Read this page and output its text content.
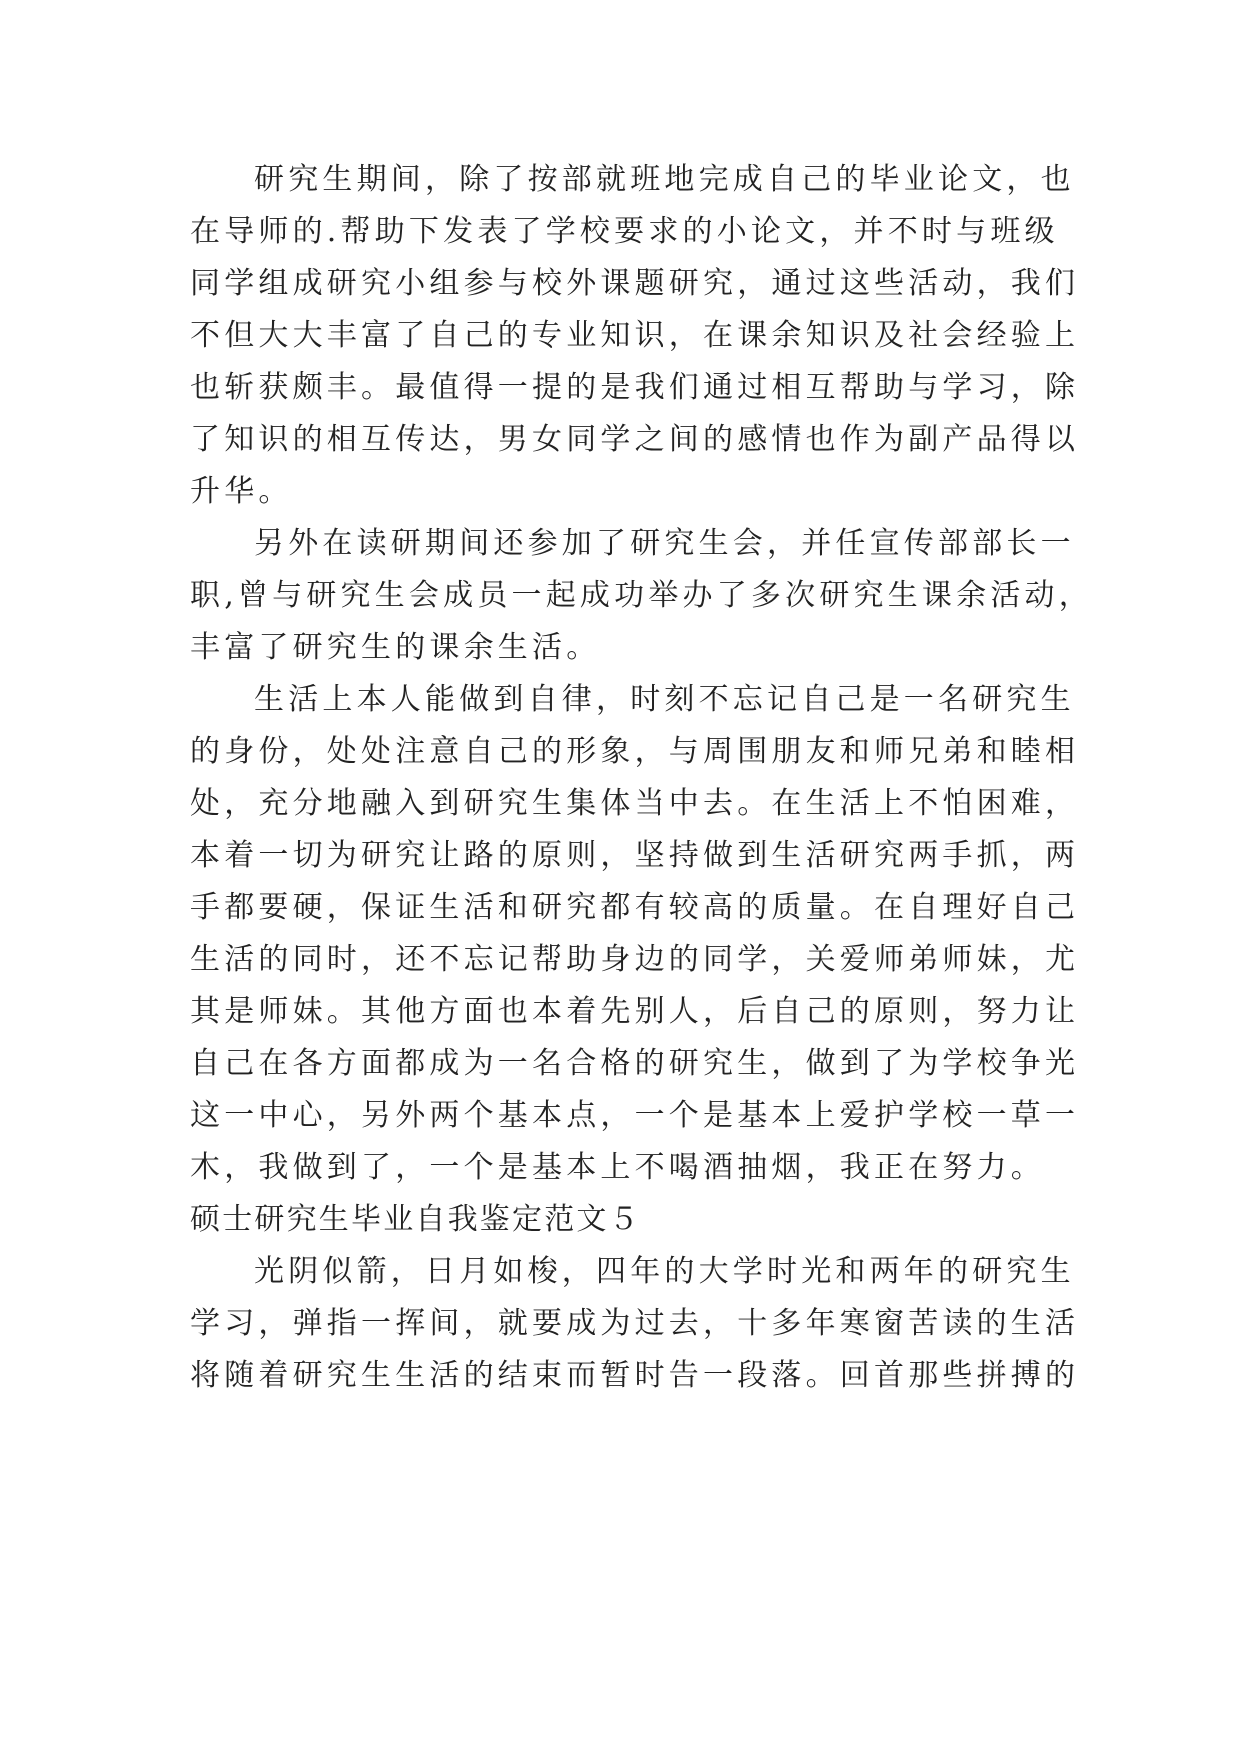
研究生期间，除了按部就班地完成自己的毕业论文，也
在导师的.帮助下发表了学校要求的小论文，并不时与班级
同学组成研究小组参与校外课题研究，通过这些活动，我们
不但大大丰富了自己的专业知识，在课余知识及社会经验上
也斩获颇丰。最值得一提的是我们通过相互帮助与学习，除
了知识的相互传达，男女同学之间的感情也作为副产品得以
升华。
另外在读研期间还参加了研究生会，并任宣传部部长一
职,曾与研究生会成员一起成功举办了多次研究生课余活动，
丰富了研究生的课余生活。
生活上本人能做到自律，时刻不忘记自己是一名研究生
的身份，处处注意自己的形象，与周围朋友和师兄弟和睦相
处，充分地融入到研究生集体当中去。在生活上不怕困难，
本着一切为研究让路的原则，坚持做到生活研究两手抓，两
手都要硬，保证生活和研究都有较高的质量。在自理好自己
生活的同时，还不忘记帮助身边的同学，关爱师弟师妹，尤
其是师妹。其他方面也本着先别人，后自己的原则，努力让
自己在各方面都成为一名合格的研究生，做到了为学校争光
这一中心，另外两个基本点，一个是基本上爱护学校一草一
木，我做到了，一个是基本上不喝酒抽烟，我正在努力。
硕士研究生毕业自我鉴定范文５
光阴似箭，日月如梭，四年的大学时光和两年的研究生
学习，弹指一挥间，就要成为过去，十多年寒窗苦读的生活
将随着研究生生活的结束而暂时告一段落。回首那些拼搏的
